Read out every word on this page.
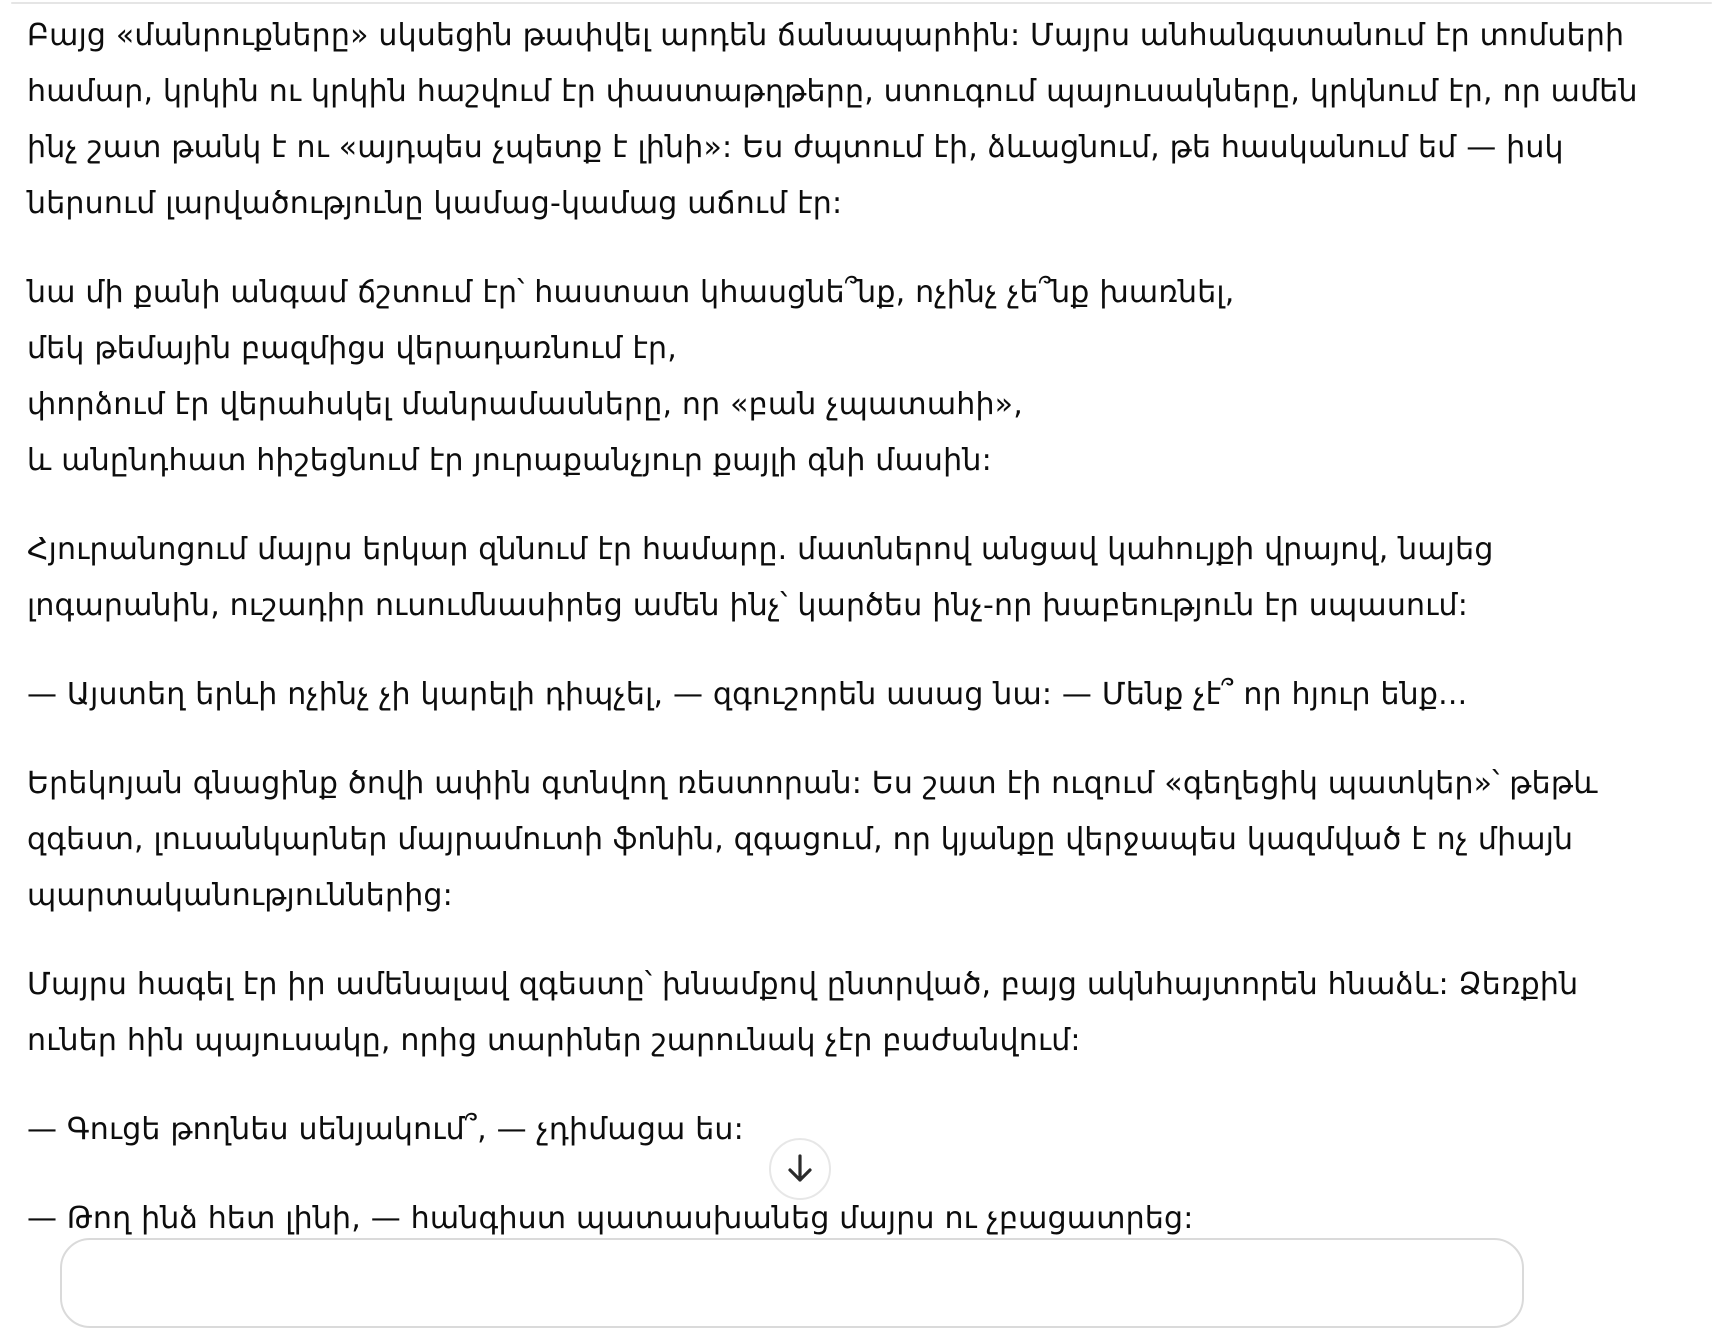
Բայց «մանրուքները» սկսեցին թափվել արդեն ճանապարհին: Մայրս անհանգստանում էր տոմսերի
համար, կրկին ու կրկին հաշվում էր փաստաթղթերը, ստուգում պայուսակները, կրկնում էր, որ ամեն
ինչ շատ թանկ է ու «այդպես չպետք է լինի»: Ես ժպտում էի, ձևացնում, թե հասկանում եմ — իսկ
ներսում լարվածությունը կամաց-կամաց աճում էր:

նա մի քանի անգամ ճշտում էր՝ հաստատ կհասցնե՞նք, ոչինչ չե՞նք խառնել,
մեկ թեմային բազմիցս վերադառնում էր,
փորձում էր վերահսկել մանրամասները, որ «բան չպատահի»,
և անընդհատ հիշեցնում էր յուրաքանչյուր քայլի գնի մասին:

Հյուրանոցում մայրս երկար զննում էր համարը. մատներով անցավ կահույքի վրայով, նայեց
լոգարանին, ուշադիր ուսումնասիրեց ամեն ինչ՝ կարծես ինչ-որ խաբեություն էր սպասում:

— Այստեղ երևի ոչինչ չի կարելի դիպչել, — զգուշորեն ասաց նա: — Մենք չէ՞ որ հյուր ենք...

Երեկոյան գնացինք ծովի ափին գտնվող ռեստորան: Ես շատ էի ուզում «գեղեցիկ պատկեր»՝ թեթև
զգեստ, լուսանկարներ մայրամուտի ֆոնին, զգացում, որ կյանքը վերջապես կազմված է ոչ միայն
պարտականություններից:

Մայրս հագել էր իր ամենալավ զգեստը՝ խնամքով ընտրված, բայց ակնհայտորեն հնաձև: Ձեռքին
ուներ հին պայուսակը, որից տարիներ շարունակ չէր բաժանվում:

— Գուցե թողնես սենյակում՞, — չդիմացա ես:

— Թող ինձ հետ լինի, — հանգիստ պատասխանեց մայրս ու չբացատրեց:
